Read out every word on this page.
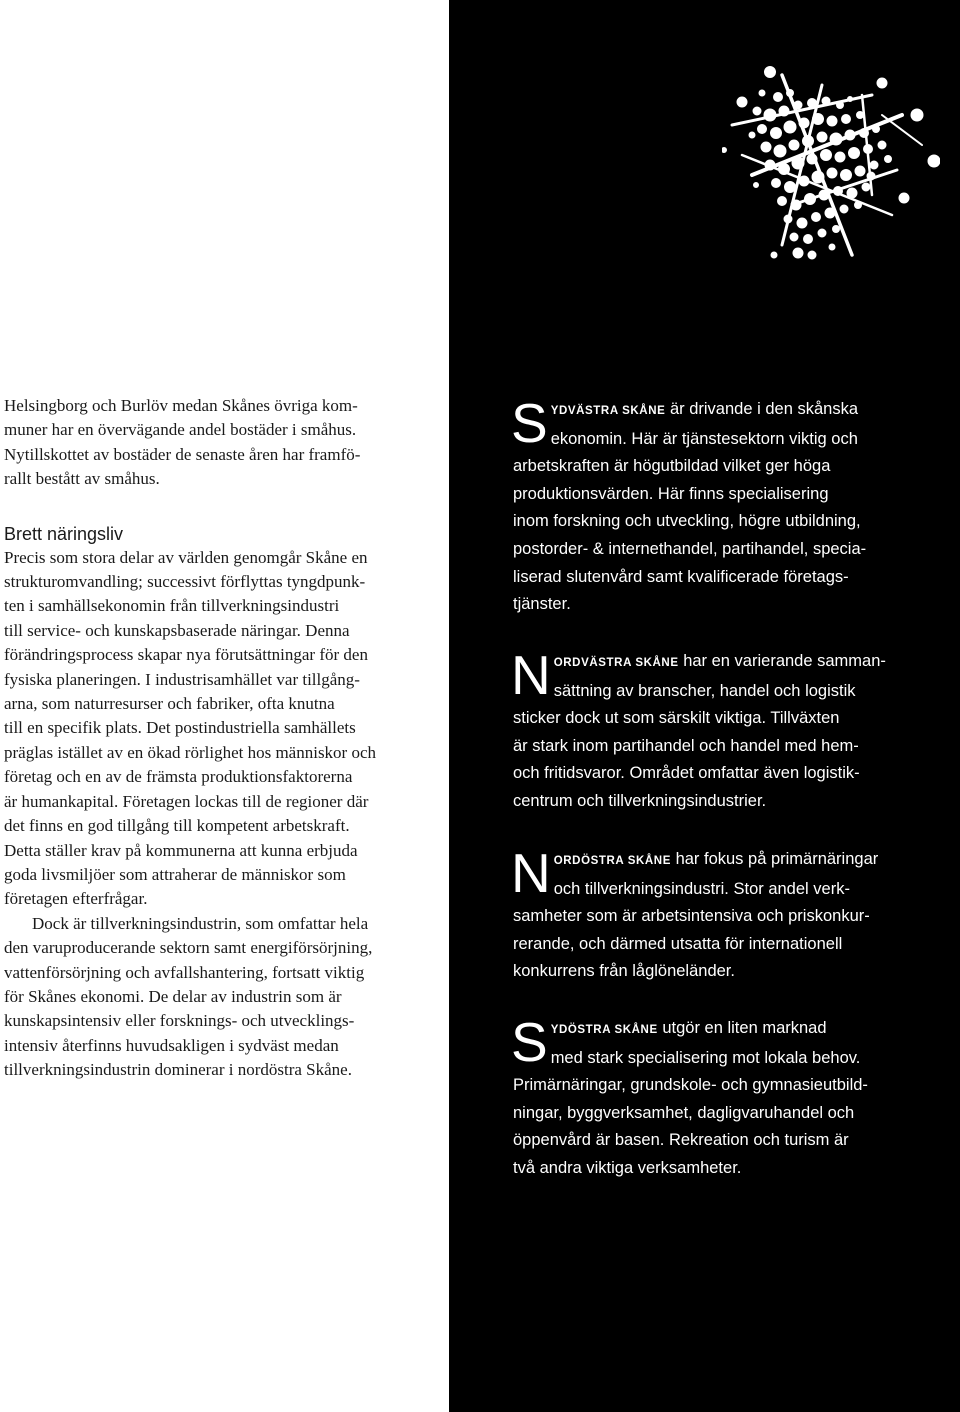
Helsingborg och Burlöv medan Skånes övriga kom-
muner har en övervägande andel bostäder i småhus.
Nytillskottet av bostäder de senaste åren har framfö-
rallt bestått av småhus.

Brett näringsliv

Precis som stora delar av världen genomgår Skåne en
strukturomvandling; successivt förflyttas tyngdpunk-
ten i samhällsekonomin från tillverkningsindustri
till service- och kunskapsbaserade näringar. Denna
förändringsprocess skapar nya förutsättningar för den
fysiska planeringen. I industrisamhället var tillgång-
arna, som naturresurser och fabriker, ofta knutna
till en specifik plats. Det postindustriella samhällets
präglas istället av en ökad rörlighet hos människor och
företag och en av de främsta produktionsfaktorerna
är humankapital. Företagen lockas till de regioner där
det finns en god tillgång till kompetent arbetskraft.
Detta ställer krav på kommunerna att kunna erbjuda
goda livsmiljöer som attraherar de människor som
företagen efterfrågar.

Dock är tillverkningsindustrin, som omfattar hela
den varuproducerande sektorn samt energiförsörjning,
vattenförsörjning och avfallshantering, fortsatt viktig
för Skånes ekonomi. De delar av industrin som är
kunskapsintensiv eller forsknings- och utvecklings-
intensiv återfinns huvudsakligen i sydväst medan
tillverkningsindustrin dominerar i nordöstra Skåne.

S YDVÄSTRA SKÅNE är drivande i den skånska
ekonomin. Här är tjänstesektorn viktig och
arbetskraften är högutbildad vilket ger höga
produktionsvärden. Här finns specialisering
inom forskning och utveckling, högre utbildning,
postorder- & internethandel, partihandel, specia-
liserad slutenvård samt kvalificerade företags-
tjänster.
N ORDVÄSTRA SKÅNE har en varierande samman-
sättning av branscher, handel och logistik
sticker dock ut som särskilt viktiga. Tillväxten
är stark inom partihandel och handel med hem-
och fritidsvaror. Området omfattar även logistik-
centrum och tillverkningsindustrier.
N ORDÖSTRA SKÅNE har fokus på primärnäringar
och tillverkningsindustri. Stor andel verk-
samheter som är arbetsintensiva och priskonkur-
rerande, och därmed utsatta för internationell
konkurrens från låglöneländer.
S YDÖSTRA SKÅNE utgör en liten marknad
med stark specialisering mot lokala behov.
Primärnäringar, grundskole- och gymnasieutbild-
ningar, byggverksamhet, dagligvaruhandel och
öppenvård är basen. Rekreation och turism är
två andra viktiga verksamheter.
